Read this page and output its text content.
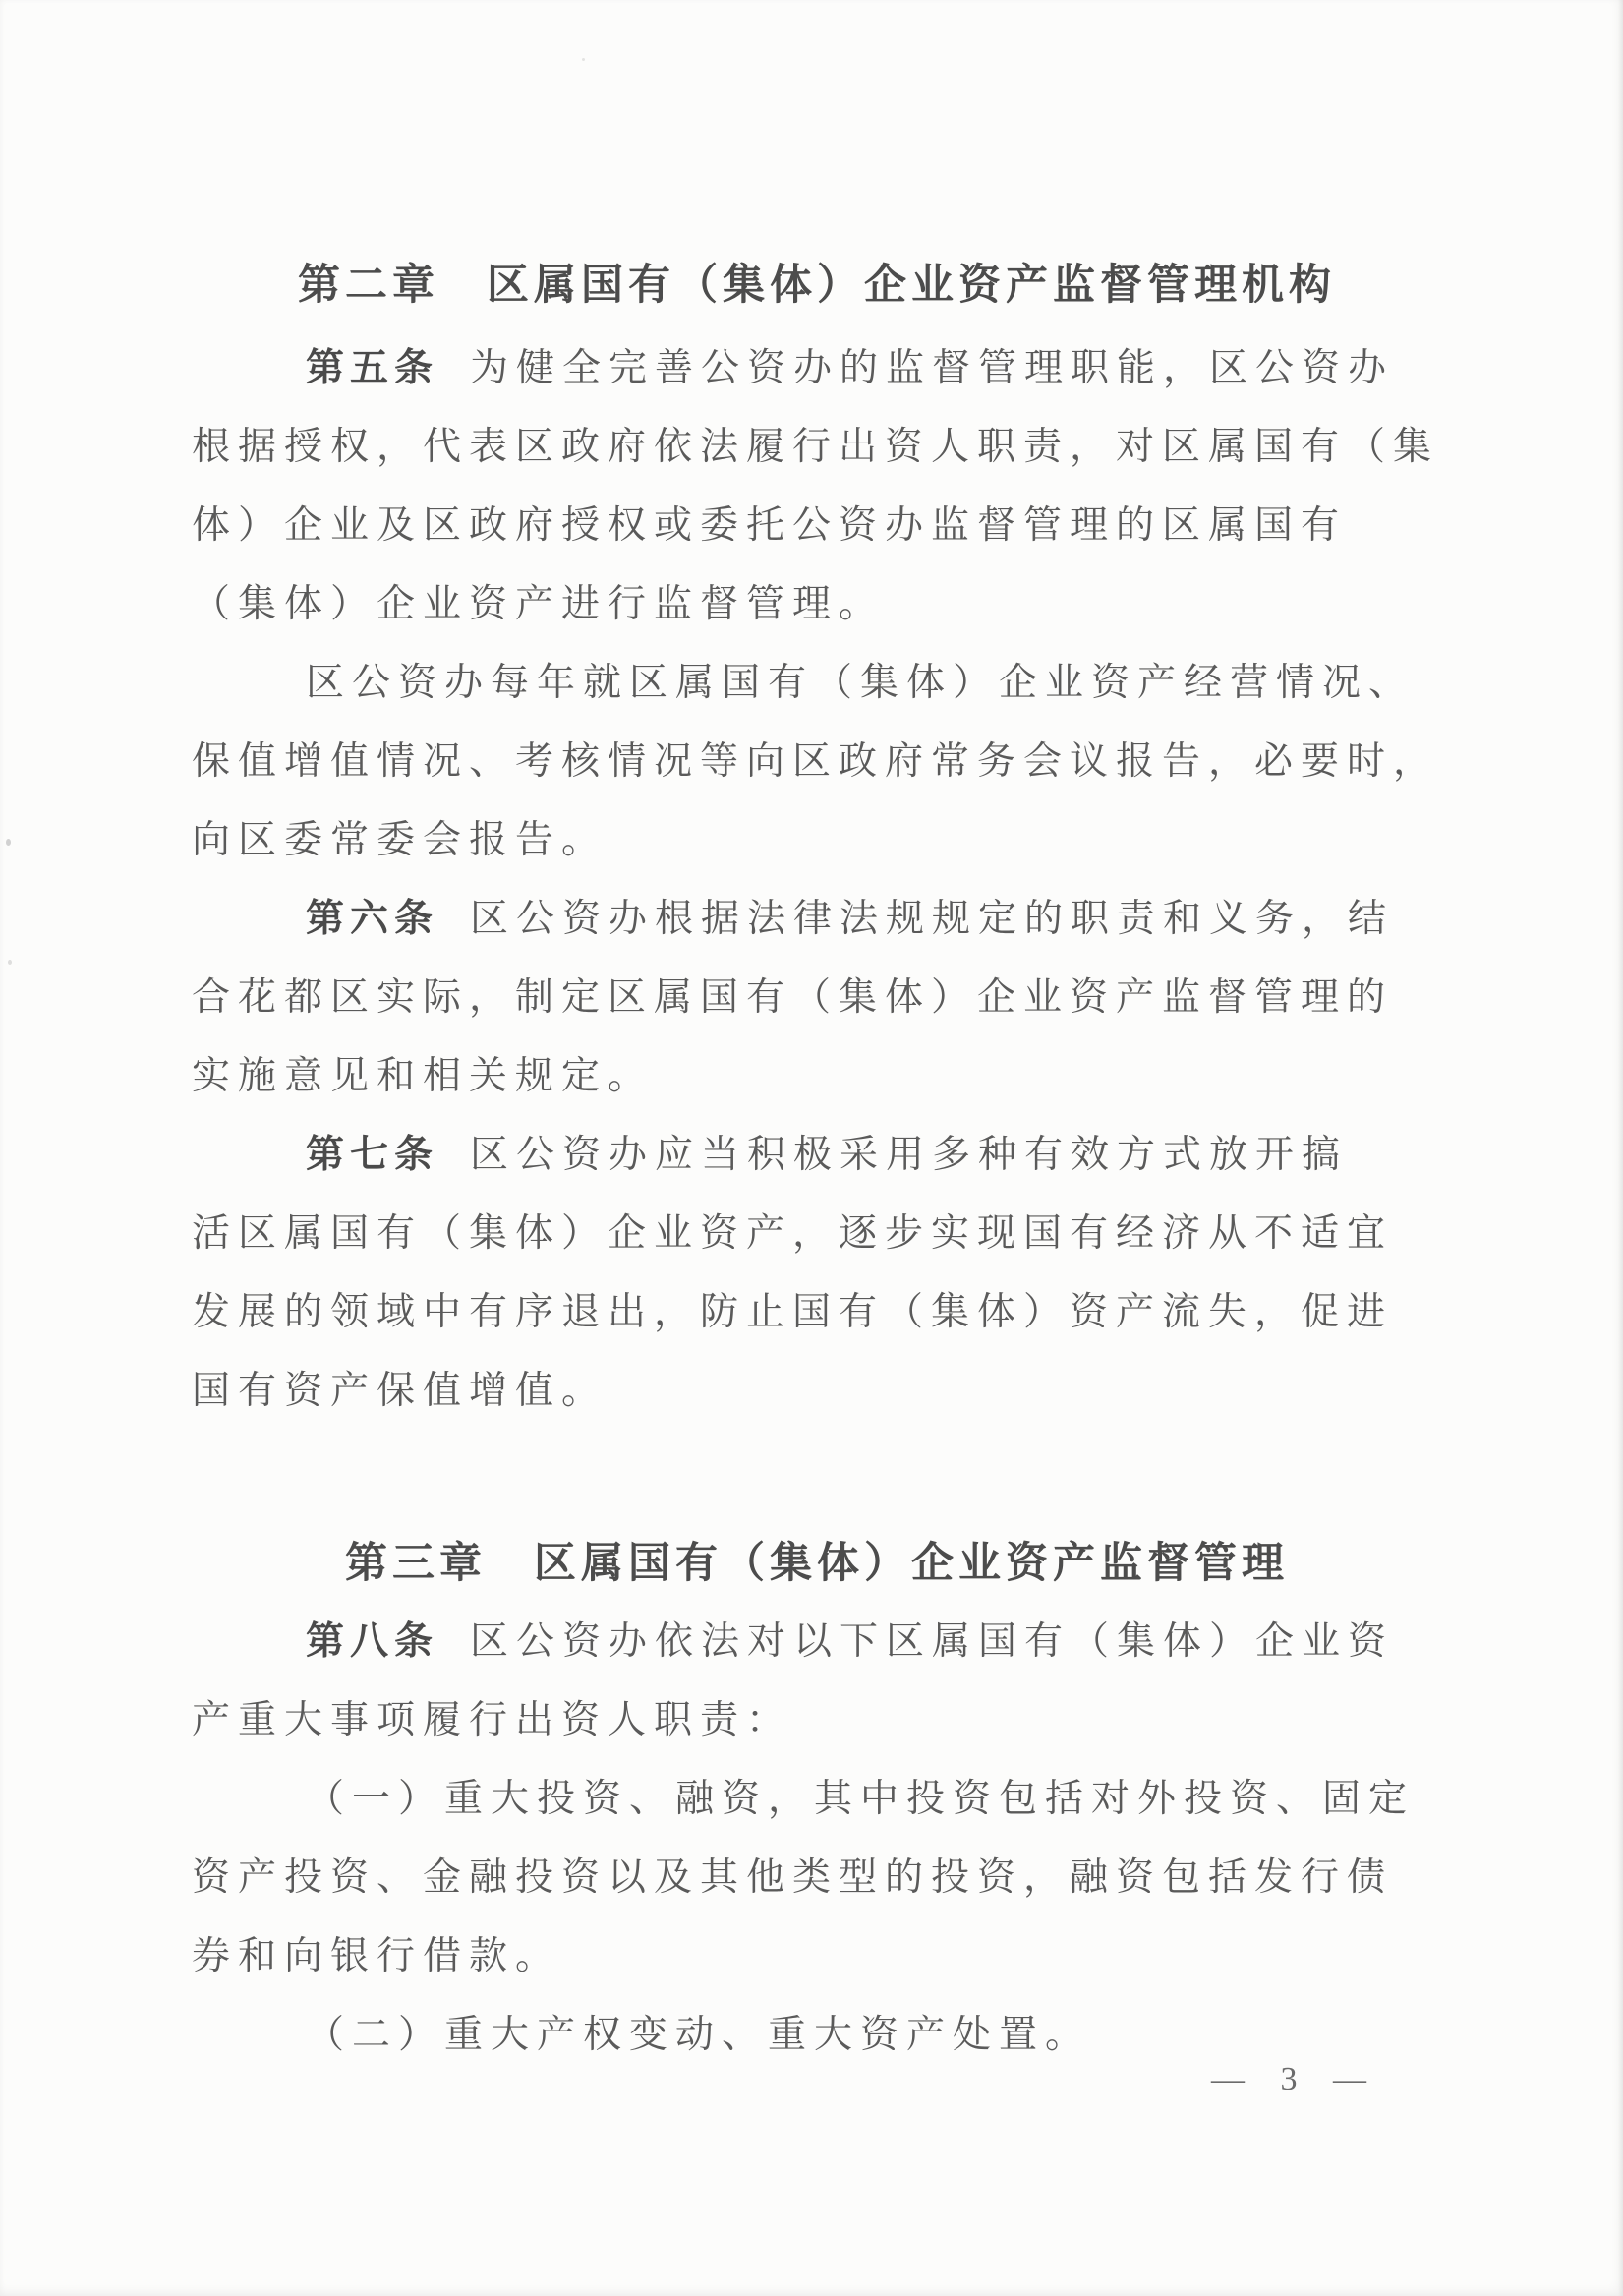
第二章　区属国有（集体）企业资产监督管理机构
第五条 为健全完善公资办的监督管理职能，区公资办
根据授权，代表区政府依法履行出资人职责，对区属国有（集
体）企业及区政府授权或委托公资办监督管理的区属国有
（集体）企业资产进行监督管理。
区公资办每年就区属国有（集体）企业资产经营情况、
保值增值情况、考核情况等向区政府常务会议报告，必要时，
向区委常委会报告。
第六条 区公资办根据法律法规规定的职责和义务，结
合花都区实际，制定区属国有（集体）企业资产监督管理的
实施意见和相关规定。
第七条 区公资办应当积极采用多种有效方式放开搞
活区属国有（集体）企业资产，逐步实现国有经济从不适宜
发展的领域中有序退出，防止国有（集体）资产流失，促进
国有资产保值增值。
第三章　区属国有（集体）企业资产监督管理
第八条 区公资办依法对以下区属国有（集体）企业资
产重大事项履行出资人职责：
（一）重大投资、融资，其中投资包括对外投资、固定
资产投资、金融投资以及其他类型的投资，融资包括发行债
券和向银行借款。
（二）重大产权变动、重大资产处置。
— 3 —
